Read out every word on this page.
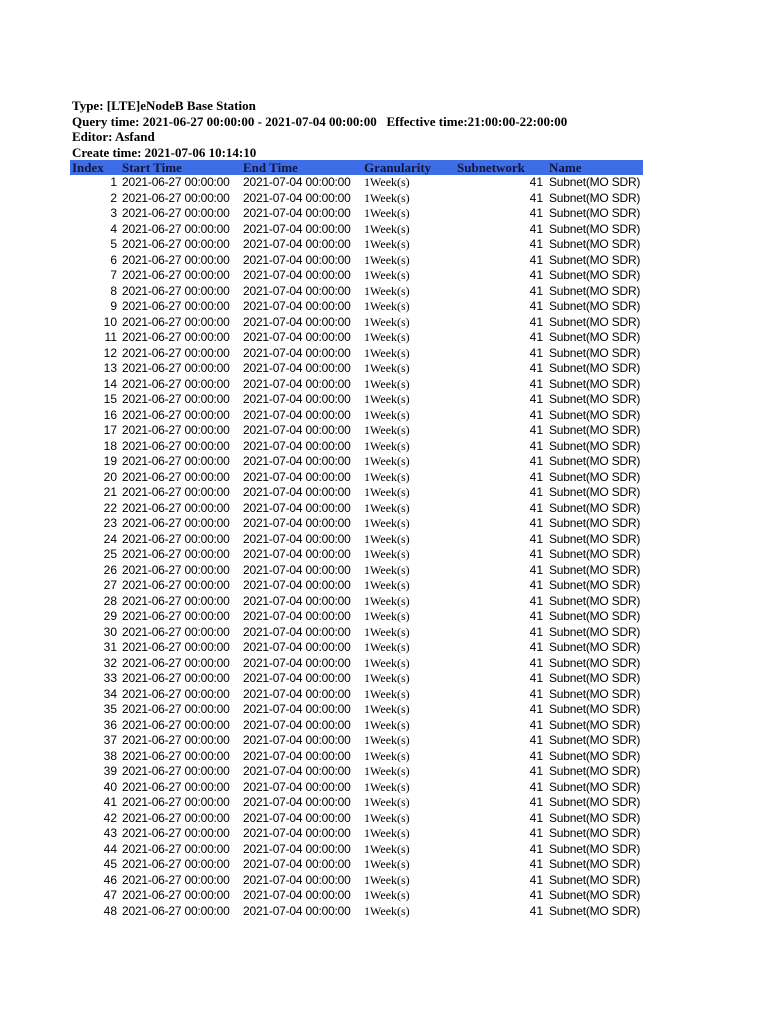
Type: [LTE]eNodeB Base Station
Query time: 2021-06-27 00:00:00 - 2021-07-04 00:00:00   Effective time:21:00:00-22:00:00
Editor: Asfand
Create time: 2021-07-06 10:14:10
Index	Start Time	End Time	Granularity	Subnetwork	Name
1	2021-06-27 00:00:00	2021-07-04 00:00:00	1Week(s)	41	Subnet(MO SDR)
2	2021-06-27 00:00:00	2021-07-04 00:00:00	1Week(s)	41	Subnet(MO SDR)
3	2021-06-27 00:00:00	2021-07-04 00:00:00	1Week(s)	41	Subnet(MO SDR)
4	2021-06-27 00:00:00	2021-07-04 00:00:00	1Week(s)	41	Subnet(MO SDR)
5	2021-06-27 00:00:00	2021-07-04 00:00:00	1Week(s)	41	Subnet(MO SDR)
6	2021-06-27 00:00:00	2021-07-04 00:00:00	1Week(s)	41	Subnet(MO SDR)
7	2021-06-27 00:00:00	2021-07-04 00:00:00	1Week(s)	41	Subnet(MO SDR)
8	2021-06-27 00:00:00	2021-07-04 00:00:00	1Week(s)	41	Subnet(MO SDR)
9	2021-06-27 00:00:00	2021-07-04 00:00:00	1Week(s)	41	Subnet(MO SDR)
10	2021-06-27 00:00:00	2021-07-04 00:00:00	1Week(s)	41	Subnet(MO SDR)
11	2021-06-27 00:00:00	2021-07-04 00:00:00	1Week(s)	41	Subnet(MO SDR)
12	2021-06-27 00:00:00	2021-07-04 00:00:00	1Week(s)	41	Subnet(MO SDR)
13	2021-06-27 00:00:00	2021-07-04 00:00:00	1Week(s)	41	Subnet(MO SDR)
14	2021-06-27 00:00:00	2021-07-04 00:00:00	1Week(s)	41	Subnet(MO SDR)
15	2021-06-27 00:00:00	2021-07-04 00:00:00	1Week(s)	41	Subnet(MO SDR)
16	2021-06-27 00:00:00	2021-07-04 00:00:00	1Week(s)	41	Subnet(MO SDR)
17	2021-06-27 00:00:00	2021-07-04 00:00:00	1Week(s)	41	Subnet(MO SDR)
18	2021-06-27 00:00:00	2021-07-04 00:00:00	1Week(s)	41	Subnet(MO SDR)
19	2021-06-27 00:00:00	2021-07-04 00:00:00	1Week(s)	41	Subnet(MO SDR)
20	2021-06-27 00:00:00	2021-07-04 00:00:00	1Week(s)	41	Subnet(MO SDR)
21	2021-06-27 00:00:00	2021-07-04 00:00:00	1Week(s)	41	Subnet(MO SDR)
22	2021-06-27 00:00:00	2021-07-04 00:00:00	1Week(s)	41	Subnet(MO SDR)
23	2021-06-27 00:00:00	2021-07-04 00:00:00	1Week(s)	41	Subnet(MO SDR)
24	2021-06-27 00:00:00	2021-07-04 00:00:00	1Week(s)	41	Subnet(MO SDR)
25	2021-06-27 00:00:00	2021-07-04 00:00:00	1Week(s)	41	Subnet(MO SDR)
26	2021-06-27 00:00:00	2021-07-04 00:00:00	1Week(s)	41	Subnet(MO SDR)
27	2021-06-27 00:00:00	2021-07-04 00:00:00	1Week(s)	41	Subnet(MO SDR)
28	2021-06-27 00:00:00	2021-07-04 00:00:00	1Week(s)	41	Subnet(MO SDR)
29	2021-06-27 00:00:00	2021-07-04 00:00:00	1Week(s)	41	Subnet(MO SDR)
30	2021-06-27 00:00:00	2021-07-04 00:00:00	1Week(s)	41	Subnet(MO SDR)
31	2021-06-27 00:00:00	2021-07-04 00:00:00	1Week(s)	41	Subnet(MO SDR)
32	2021-06-27 00:00:00	2021-07-04 00:00:00	1Week(s)	41	Subnet(MO SDR)
33	2021-06-27 00:00:00	2021-07-04 00:00:00	1Week(s)	41	Subnet(MO SDR)
34	2021-06-27 00:00:00	2021-07-04 00:00:00	1Week(s)	41	Subnet(MO SDR)
35	2021-06-27 00:00:00	2021-07-04 00:00:00	1Week(s)	41	Subnet(MO SDR)
36	2021-06-27 00:00:00	2021-07-04 00:00:00	1Week(s)	41	Subnet(MO SDR)
37	2021-06-27 00:00:00	2021-07-04 00:00:00	1Week(s)	41	Subnet(MO SDR)
38	2021-06-27 00:00:00	2021-07-04 00:00:00	1Week(s)	41	Subnet(MO SDR)
39	2021-06-27 00:00:00	2021-07-04 00:00:00	1Week(s)	41	Subnet(MO SDR)
40	2021-06-27 00:00:00	2021-07-04 00:00:00	1Week(s)	41	Subnet(MO SDR)
41	2021-06-27 00:00:00	2021-07-04 00:00:00	1Week(s)	41	Subnet(MO SDR)
42	2021-06-27 00:00:00	2021-07-04 00:00:00	1Week(s)	41	Subnet(MO SDR)
43	2021-06-27 00:00:00	2021-07-04 00:00:00	1Week(s)	41	Subnet(MO SDR)
44	2021-06-27 00:00:00	2021-07-04 00:00:00	1Week(s)	41	Subnet(MO SDR)
45	2021-06-27 00:00:00	2021-07-04 00:00:00	1Week(s)	41	Subnet(MO SDR)
46	2021-06-27 00:00:00	2021-07-04 00:00:00	1Week(s)	41	Subnet(MO SDR)
47	2021-06-27 00:00:00	2021-07-04 00:00:00	1Week(s)	41	Subnet(MO SDR)
48	2021-06-27 00:00:00	2021-07-04 00:00:00	1Week(s)	41	Subnet(MO SDR)
